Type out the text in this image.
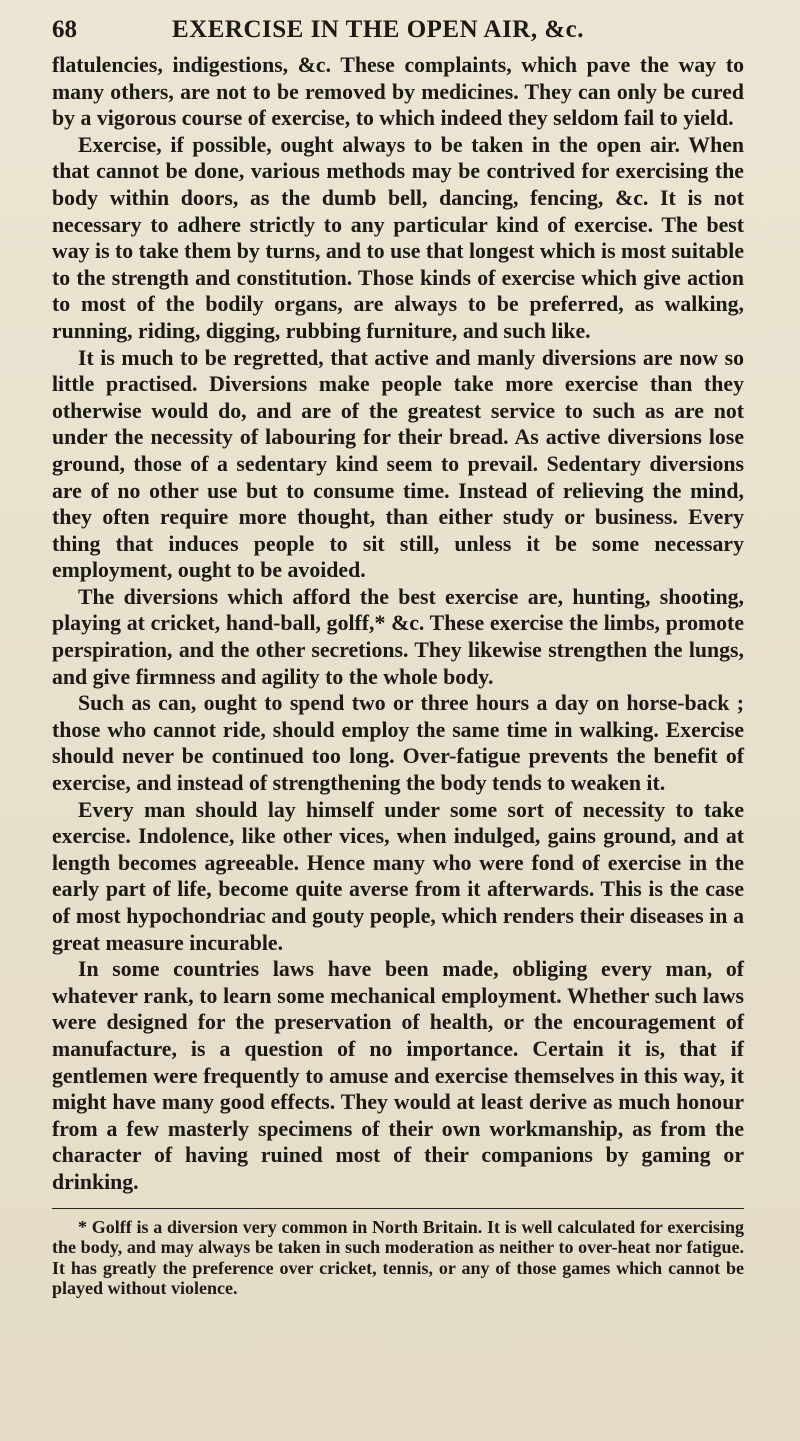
68	EXERCISE IN THE OPEN AIR, &c.

flatulencies, indigestions, &c. These complaints, which pave the way to many others, are not to be removed by medicines. They can only be cured by a vigorous course of exercise, to which indeed they seldom fail to yield.

Exercise, if possible, ought always to be taken in the open air. When that cannot be done, various methods may be contrived for exercising the body within doors, as the dumb bell, dancing, fencing, &c. It is not necessary to adhere strictly to any particular kind of exercise. The best way is to take them by turns, and to use that longest which is most suitable to the strength and constitution. Those kinds of exercise which give action to most of the bodily organs, are always to be preferred, as walking, running, riding, digging, rubbing furniture, and such like.

It is much to be regretted, that active and manly diversions are now so little practised. Diversions make people take more exercise than they otherwise would do, and are of the greatest service to such as are not under the necessity of labouring for their bread. As active diversions lose ground, those of a sedentary kind seem to prevail. Sedentary diversions are of no other use but to consume time. Instead of relieving the mind, they often require more thought, than either study or business. Every thing that induces people to sit still, unless it be some necessary employment, ought to be avoided.

The diversions which afford the best exercise are, hunting, shooting, playing at cricket, hand-ball, golff,* &c. These exercise the limbs, promote perspiration, and the other secretions. They likewise strengthen the lungs, and give firmness and agility to the whole body.

Such as can, ought to spend two or three hours a day on horse-back ; those who cannot ride, should employ the same time in walking. Exercise should never be continued too long. Over-fatigue prevents the benefit of exercise, and instead of strengthening the body tends to weaken it.

Every man should lay himself under some sort of necessity to take exercise. Indolence, like other vices, when indulged, gains ground, and at length becomes agreeable. Hence many who were fond of exercise in the early part of life, become quite averse from it afterwards. This is the case of most hypochondriac and gouty people, which renders their diseases in a great measure incurable.

In some countries laws have been made, obliging every man, of whatever rank, to learn some mechanical employment. Whether such laws were designed for the preservation of health, or the encouragement of manufacture, is a question of no importance. Certain it is, that if gentlemen were frequently to amuse and exercise themselves in this way, it might have many good effects. They would at least derive as much honour from a few masterly specimens of their own workmanship, as from the character of having ruined most of their companions by gaming or drinking.

* Golff is a diversion very common in North Britain. It is well calculated for exercising the body, and may always be taken in such moderation as neither to over-heat nor fatigue. It has greatly the preference over cricket, tennis, or any of those games which cannot be played without violence.
